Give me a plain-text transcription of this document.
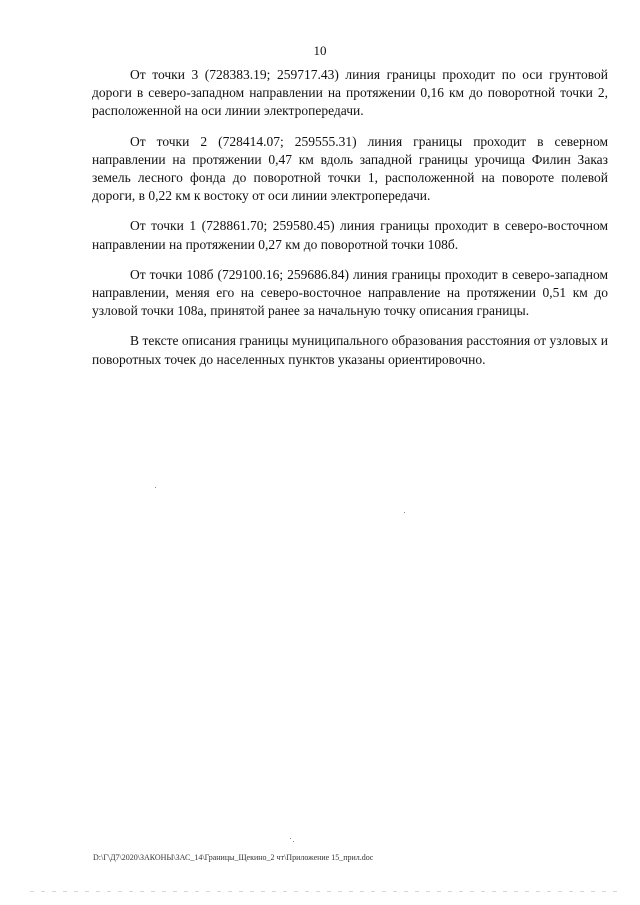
10

От точки 3 (728383.19; 259717.43) линия границы проходит по оси грунтовой дороги в северо-западном направлении на протяжении 0,16 км до поворотной точки 2, расположенной на оси линии электропередачи.

От точки 2 (728414.07; 259555.31) линия границы проходит в северном направлении на протяжении 0,47 км вдоль западной границы урочища Филин Заказ земель лесного фонда до поворотной точки 1, расположенной на повороте полевой дороги, в 0,22 км к востоку от оси линии электропередачи.

От точки 1 (728861.70; 259580.45) линия границы проходит в северо-восточном направлении на протяжении 0,27 км до поворотной точки 108б.

От точки 108б (729100.16; 259686.84) линия границы проходит в северо-западном направлении, меняя его на северо-восточное направление на протяжении 0,51 км до узловой точки 108а, принятой ранее за начальную точку описания границы.

В тексте описания границы муниципального образования расстояния от узловых и поворотных точек до населенных пунктов указаны ориентировочно.

D:\Г\Д7\2020\ЗАКОНЫ\ЗАС_14\Границы_Щекино_2 чт\Приложение 15_прил.doc
